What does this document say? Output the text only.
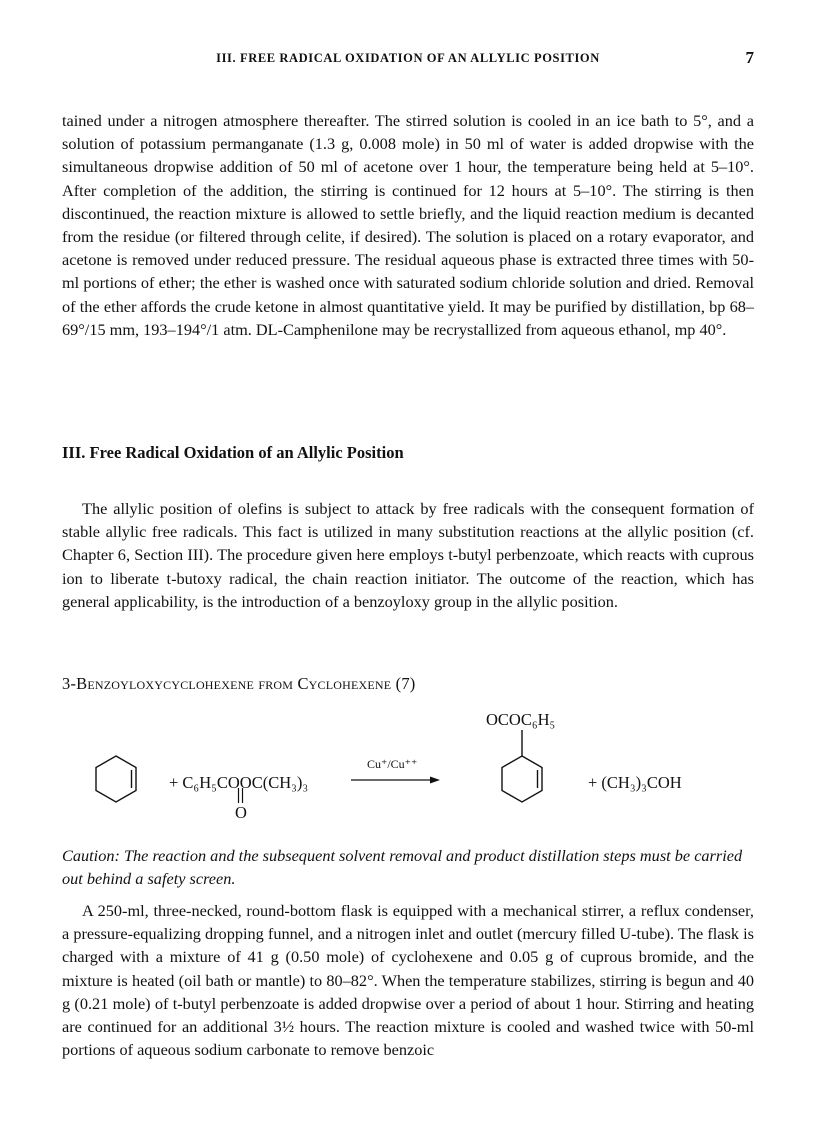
III. FREE RADICAL OXIDATION OF AN ALLYLIC POSITION	7

tained under a nitrogen atmosphere thereafter. The stirred solution is cooled in an ice bath to 5°, and a solution of potassium permanganate (1.3 g, 0.008 mole) in 50 ml of water is added dropwise with the simultaneous dropwise addition of 50 ml of acetone over 1 hour, the temperature being held at 5–10°. After completion of the addition, the stirring is continued for 12 hours at 5–10°. The stirring is then discontinued, the reaction mixture is allowed to settle briefly, and the liquid reaction medium is decanted from the residue (or filtered through celite, if desired). The solution is placed on a rotary evaporator, and acetone is removed under reduced pressure. The residual aqueous phase is extracted three times with 50-ml portions of ether; the ether is washed once with saturated sodium chloride solution and dried. Removal of the ether affords the crude ketone in almost quantitative yield. It may be purified by distillation, bp 68–69°/15 mm, 193–194°/1 atm. DL-Camphenilone may be recrystallized from aqueous ethanol, mp 40°.

III. Free Radical Oxidation of an Allylic Position

The allylic position of olefins is subject to attack by free radicals with the consequent formation of stable allylic free radicals. This fact is utilized in many substitution reactions at the allylic position (cf. Chapter 6, Section III). The procedure given here employs t-butyl perbenzoate, which reacts with cuprous ion to liberate t-butoxy radical, the chain reaction initiator. The outcome of the reaction, which has general applicability, is the introduction of a benzoyloxy group in the allylic position.

3-Benzoyloxycyclohexene from Cyclohexene (7)

+ C₆H₅COOC(CH₃)₃
O
Cu⁺/Cu⁺⁺
OCOC₆H₅
+ (CH₃)₃COH

Caution: The reaction and the subsequent solvent removal and product distillation steps must be carried out behind a safety screen.

A 250-ml, three-necked, round-bottom flask is equipped with a mechanical stirrer, a reflux condenser, a pressure-equalizing dropping funnel, and a nitrogen inlet and outlet (mercury filled U-tube). The flask is charged with a mixture of 41 g (0.50 mole) of cyclohexene and 0.05 g of cuprous bromide, and the mixture is heated (oil bath or mantle) to 80–82°. When the temperature stabilizes, stirring is begun and 40 g (0.21 mole) of t-butyl perbenzoate is added dropwise over a period of about 1 hour. Stirring and heating are continued for an additional 3½ hours. The reaction mixture is cooled and washed twice with 50-ml portions of aqueous sodium carbonate to remove benzoic
